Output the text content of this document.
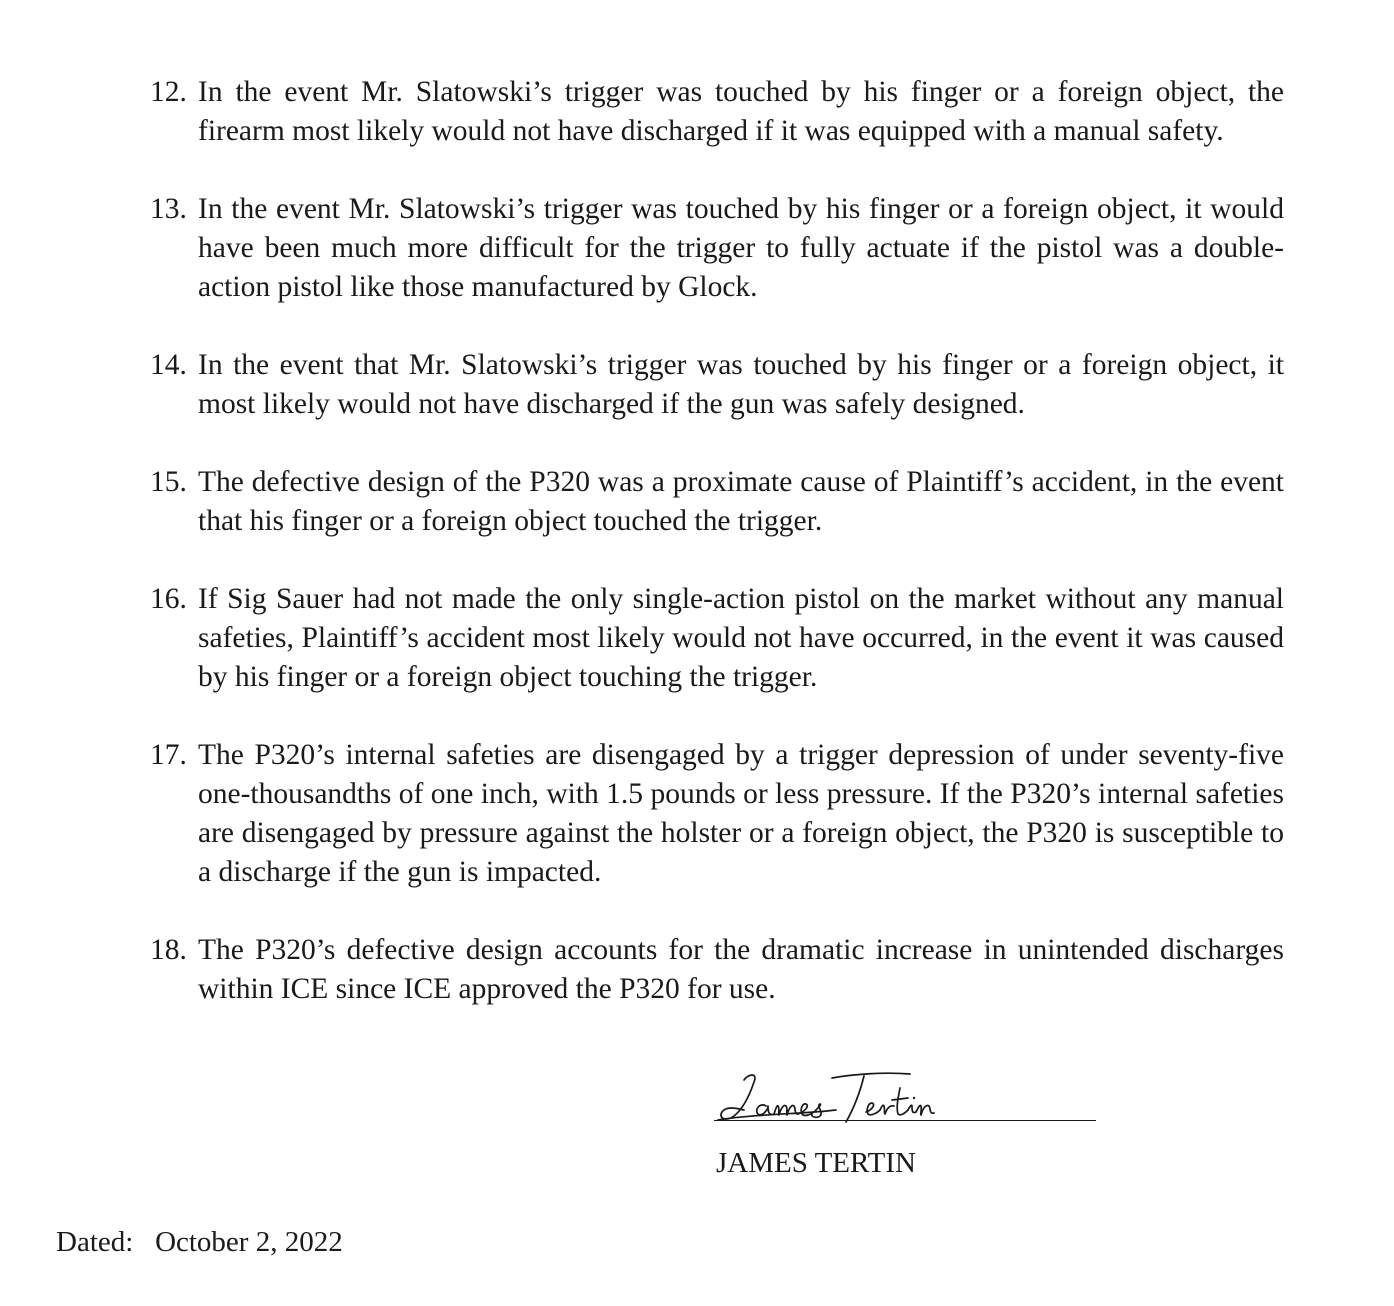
12. In the event Mr. Slatowski’s trigger was touched by his finger or a foreign object, the firearm most likely would not have discharged if it was equipped with a manual safety.
13. In the event Mr. Slatowski’s trigger was touched by his finger or a foreign object, it would have been much more difficult for the trigger to fully actuate if the pistol was a double-action pistol like those manufactured by Glock.
14. In the event that Mr. Slatowski’s trigger was touched by his finger or a foreign object, it most likely would not have discharged if the gun was safely designed.
15. The defective design of the P320 was a proximate cause of Plaintiff’s accident, in the event that his finger or a foreign object touched the trigger.
16. If Sig Sauer had not made the only single-action pistol on the market without any manual safeties, Plaintiff’s accident most likely would not have occurred, in the event it was caused by his finger or a foreign object touching the trigger.
17. The P320’s internal safeties are disengaged by a trigger depression of under seventy-five one-thousandths of one inch, with 1.5 pounds or less pressure. If the P320’s internal safeties are disengaged by pressure against the holster or a foreign object, the P320 is susceptible to a discharge if the gun is impacted.
18. The P320’s defective design accounts for the dramatic increase in unintended discharges within ICE since ICE approved the P320 for use.
JAMES TERTIN
Dated: October 2, 2022
